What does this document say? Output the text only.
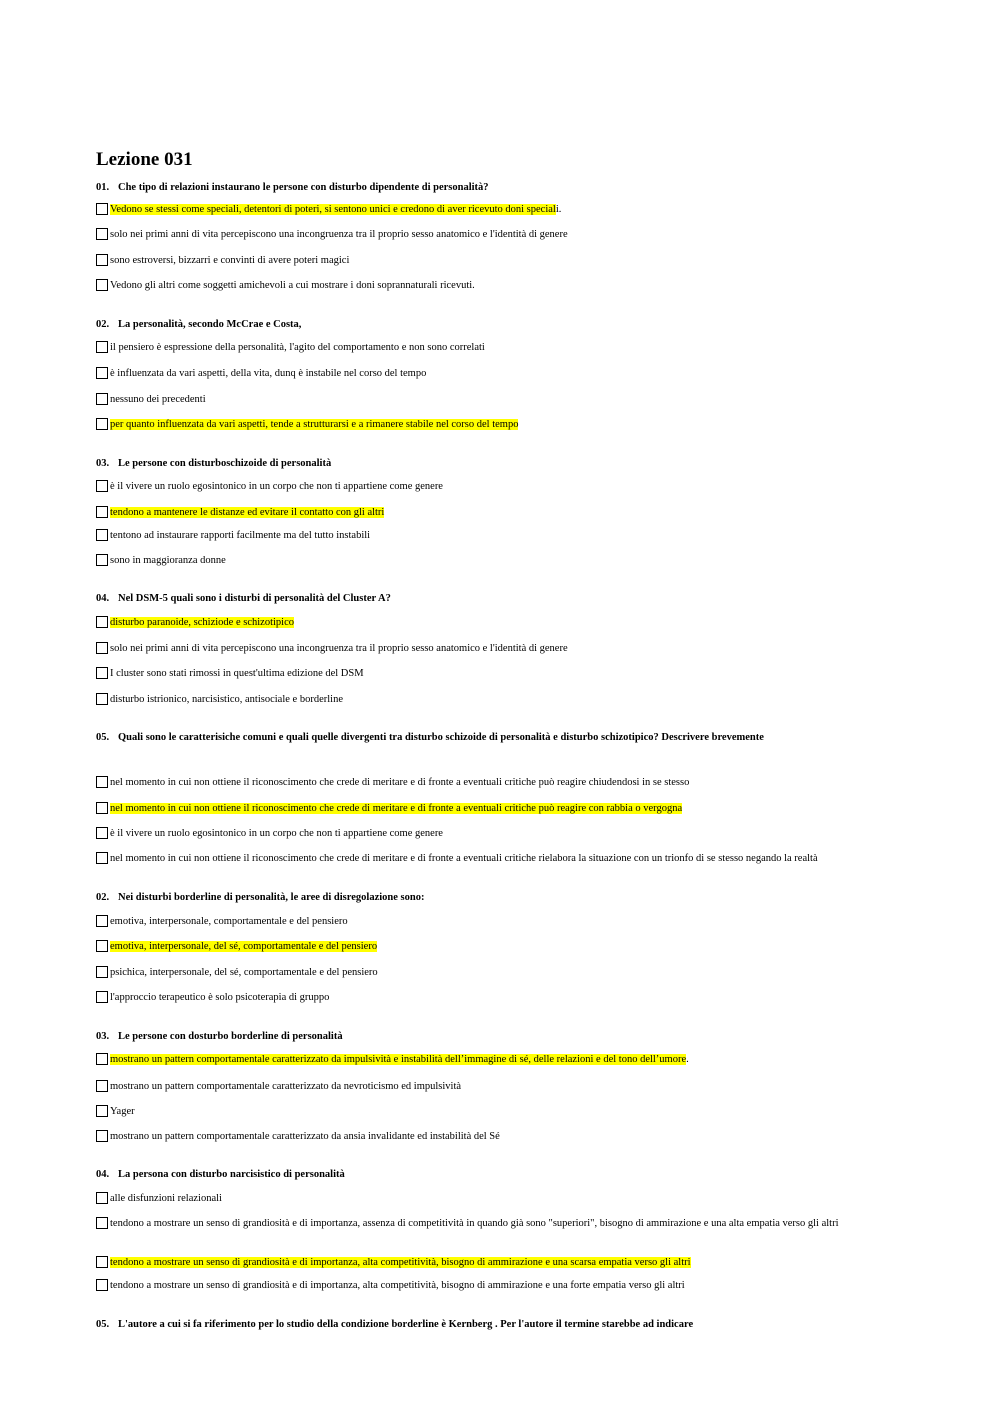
Lezione 031
01. Che tipo di relazioni instaurano le persone con disturbo dipendente di personalità?
Vedono se stessi come speciali, detentori di poteri, si sentono unici e credono di aver ricevuto doni speciali.
solo nei primi anni di vita percepiscono una incongruenza tra il proprio sesso anatomico e l'identità di genere
sono estroversi, bizzarri e convinti di avere poteri magici
Vedono gli altri come soggetti amichevoli a cui mostrare i doni soprannaturali ricevuti.
02. La personalità, secondo McCrae e Costa,
il pensiero è espressione della personalità, l'agito del comportamento e non sono correlati
è influenzata da vari aspetti, della vita, dunq è instabile nel corso del tempo
nessuno dei precedenti
per quanto influenzata da vari aspetti, tende a strutturarsi e a rimanere stabile nel corso del tempo
03. Le persone con disturboschizoide di personalità
è il vivere un ruolo egosintonico in un corpo che non ti appartiene come genere
tendono a mantenere le distanze ed evitare il contatto con gli altri
tentono ad instaurare rapporti facilmente ma del tutto instabili
sono in maggioranza donne
04. Nel DSM-5 quali sono i disturbi di personalità del Cluster A?
disturbo paranoide, schiziode e schizotipico
solo nei primi anni di vita percepiscono una incongruenza tra il proprio sesso anatomico e l'identità di genere
I cluster sono stati rimossi in quest'ultima edizione del DSM
disturbo istrionico, narcisistico, antisociale e borderline
05. Quali sono le caratterisiche comuni e quali quelle divergenti tra disturbo schizoide di personalità e disturbo schizotipico? Descrivere brevemente
nel momento in cui non ottiene il riconoscimento che crede di meritare e di fronte a eventuali critiche può reagire chiudendosi in se stesso
nel momento in cui non ottiene il riconoscimento che crede di meritare e di fronte a eventuali critiche può reagire con rabbia o vergogna
è il vivere un ruolo egosintonico in un corpo che non ti appartiene come genere
nel momento in cui non ottiene il riconoscimento che crede di meritare e di fronte a eventuali critiche rielabora la situazione con un trionfo di se stesso negando la realtà
02. Nei disturbi borderline di personalità, le aree di disregolazione sono:
emotiva, interpersonale, comportamentale e del pensiero
emotiva, interpersonale, del sé, comportamentale e del pensiero
psichica, interpersonale, del sé, comportamentale e del pensiero
l'approccio terapeutico è solo psicoterapia di gruppo
03. Le persone con dosturbo borderline di personalità
mostrano un pattern comportamentale caratterizzato da impulsività e instabilità dell’immagine di sé, delle relazioni e del tono dell’umore.
mostrano un pattern comportamentale caratterizzato da nevroticismo ed impulsività
Yager
mostrano un pattern comportamentale caratterizzato da ansia invalidante ed instabilità del Sé
04. La persona con disturbo narcisistico di personalità
alle disfunzioni relazionali
tendono a mostrare un senso di grandiosità e di importanza, assenza di competitività in quando già sono "superiori", bisogno di ammirazione e una alta empatia verso gli altri
tendono a mostrare un senso di grandiosità e di importanza, alta competitività, bisogno di ammirazione e una scarsa empatia verso gli altri
tendono a mostrare un senso di grandiosità e di importanza, alta competitività, bisogno di ammirazione e una forte empatia verso gli altri
05. L'autore a cui si fa riferimento per lo studio della condizione borderline è Kernberg . Per l'autore il termine starebbe ad indicare
